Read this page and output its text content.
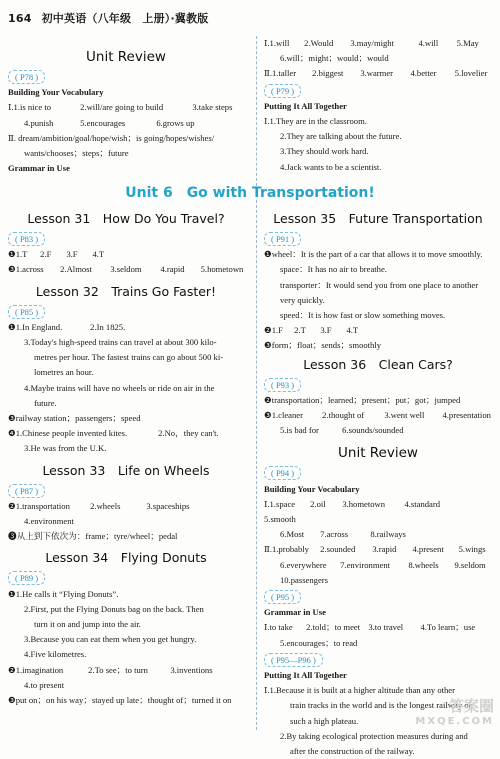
164 初中英语（八年级　上册）·冀教版
Unit 6　Go with Transportation!
Unit Review
( P78 )
Building Your Vocabulary
Ⅰ.1.is nice to	2.will/are going to build	3.take steps
4.punish	5.encourages	6.grows up
Ⅱ. dream/ambition/goal/hope/wish；is going/hopes/wishes/
wants/chooses；steps；future
Grammar in Use
Ⅰ.1.will 2.Would 3.may/might	4.will 5.May
6.will；might；would；would
Ⅱ.1.taller 2.biggest 3.warmer 4.better 5.lovelier
( P79 )
Putting It All Together
Ⅰ.1.They are in the classroom.
2.They are talking about the future.
3.They should work hard.
4.Jack wants to be a scientist.
Lesson 31　How Do You Travel?
( P83 )
❶1.T 2.F 3.F 4.T
❸1.across 2.Almost 3.seldom 4.rapid 5.hometown
Lesson 32　Trains Go Faster!
( P85 )
❶1.In England.	2.In 1825.
3.Today's high-speed trains can travel at about 300 kilo-
metres per hour. The fastest trains can go about 500 ki-
lometres an hour.
4.Maybe trains will have no wheels or ride on air in the
future.
❸railway station；passengers；speed
❹1.Chinese people invented kites.	2.No，they can't.
3.He was from the U.K.
Lesson 33　Life on Wheels
( P87 )
❷1.transportation 2.wheels	3.spaceships
4.environment
❸从上到下依次为：frame；tyre/wheel；pedal
Lesson 34　Flying Donuts
( P89 )
❶1.He calls it “Flying Donuts”.
2.First, put the Flying Donuts bag on the back. Then
turn it on and jump into the air.
3.Because you can eat them when you get hungry.
4.Five kilometres.
❷1.imagination	2.To see；to turn	3.inventions
4.to present
❸put on；on his way；stayed up late；thought of；turned it on
Lesson 35　Future Transportation
( P91 )
❶wheel：It is the part of a car that allows it to move smoothly.
space：It has no air to breathe.
transporter：It would send you from one place to another
very quickly.
speed：It is how fast or slow something moves.
❷1.F 2.T 3.F 4.T
❸form；float；sends；smoothly
Lesson 36　Clean Cars?
( P93 )
❷transportation；learned；present；put；got；jumped
❸1.cleaner 2.thought of 3.went well 4.presentation
5.is bad for	6.sounds/sounded
Unit Review
( P94 )
Building Your Vocabulary
Ⅰ.1.space 2.oil 3.hometown 4.standard 5.smooth
6.Most 7.across	8.railways
Ⅱ.1.probably 2.sounded 3.rapid 4.present 5.wings
6.everywhere 7.environment 8.wheels 9.seldom
10.passengers
( P95 )
Grammar in Use
Ⅰ.to take 2.told；to meet 3.to travel 4.To learn；use
5.encourages；to read
( P95—P96 )
Putting It All Together
Ⅰ.1.Because it is built at a higher altitude than any other
train tracks in the world and is the longest railway on
such a high plateau.
2.By taking ecological protection measures during and
after the construction of the railway.
答案圈
MXQE.COM
